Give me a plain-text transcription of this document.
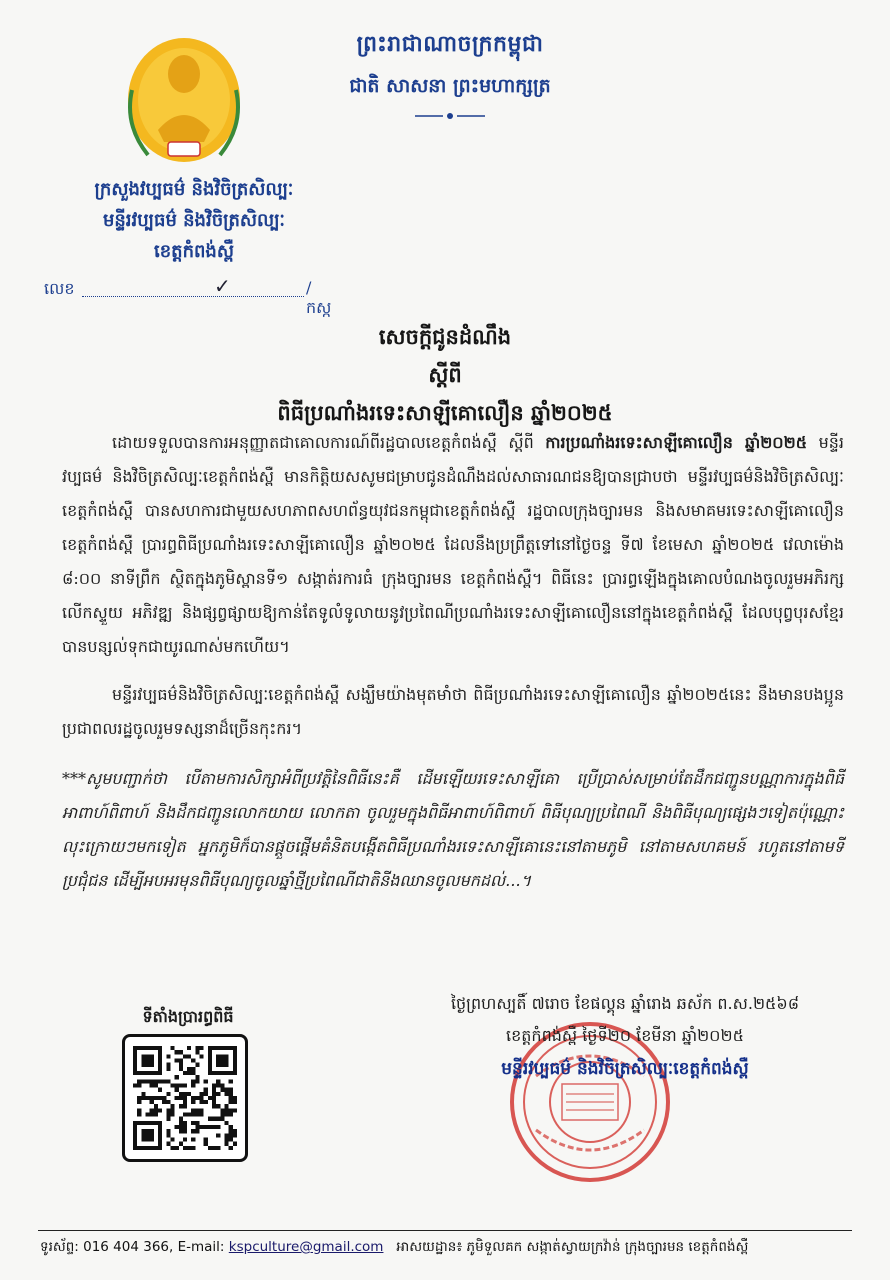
ព្រះរាជាណាចក្រកម្ពុជា
ជាតិ សាសនា ព្រះមហាក្សត្រ
ក្រសួងវប្បធម៌ និងវិចិត្រសិល្បៈ
មន្ទីរវប្បធម៌ និងវិចិត្រសិល្បៈ
ខេត្តកំពង់ស្ពឺ
លេខ	✓	/កស្ក
សេចក្តីជូនដំណឹង
ស្តីពី
ពិធីប្រណាំងរទេះសាឡីគោលឿន ឆ្នាំ២០២៥

ដោយទទួលបានការអនុញ្ញាតជាគោលការណ៍ពីរដ្ឋបាលខេត្តកំពង់ស្ពឺ ស្តីពី ការប្រណាំងរទេះសាឡីគោលឿន ឆ្នាំ២០២៥ មន្ទីរវប្បធម៌ និងវិចិត្រសិល្បៈខេត្តកំពង់ស្ពឺ មានកិត្តិយសសូមជម្រាបជូនដំណឹងដល់សាធារណជនឱ្យបានជ្រាបថា មន្ទីរវប្បធម៌និងវិចិត្រសិល្បៈខេត្តកំពង់ស្ពឺ បានសហការជាមួយសហភាពសហព័ន្ធយុវជនកម្ពុជាខេត្តកំពង់ស្ពឺ រដ្ឋបាលក្រុងច្បារមន និងសមាគមរទេះសាឡីគោលឿនខេត្តកំពង់ស្ពឺ ប្រារព្ធពិធីប្រណាំងរទេះសាឡីគោលឿន ឆ្នាំ២០២៥ ដែលនឹងប្រព្រឹត្តទៅនៅថ្ងៃចន្ទ ទី៧ ខែមេសា ឆ្នាំ២០២៥ វេលាម៉ោង ៨:០០ នាទីព្រឹក ស្ថិតក្នុងភូមិស្ពានទី១ សង្កាត់រការធំ ក្រុងច្បារមន ខេត្តកំពង់ស្ពឺ។ ពិធីនេះ ប្រារព្ធឡើងក្នុងគោលបំណងចូលរួមអភិរក្ស លើកស្ទួយ អភិវឌ្ឍ និងផ្សព្វផ្សាយឱ្យកាន់តែទូលំទូលាយនូវប្រពៃណីប្រណាំងរទេះសាឡីគោលឿននៅក្នុងខេត្តកំពង់ស្ពឺ ដែលបុព្វបុរសខ្មែរបានបន្សល់ទុកជាយូរណាស់មកហើយ។

មន្ទីរវប្បធម៌និងវិចិត្រសិល្បៈខេត្តកំពង់ស្ពឺ សង្ឃឹមយ៉ាងមុតមាំថា ពិធីប្រណាំងរទេះសាឡីគោលឿន ឆ្នាំ២០២៥នេះ នឹងមានបងប្អូនប្រជាពលរដ្ឋចូលរួមទស្សនាដ៏ច្រើនកុះករ។

***សូមបញ្ជាក់ថា បើតាមការសិក្សាអំពីប្រវត្តិនៃពិធីនេះគឺ ដើមឡើយរទេះសាឡីគោ ប្រើប្រាស់សម្រាប់តែដឹកជញ្ជូនបណ្ណាការក្នុងពិធីអាពាហ៍ពិពាហ៍ និងដឹកជញ្ជូនលោកយាយ លោកតា ចូលរួមក្នុងពិធីអាពាហ៍ពិពាហ៍ ពិធីបុណ្យប្រពៃណី និងពិធីបុណ្យផ្សេងៗទៀតប៉ុណ្ណោះ លុះក្រោយៗមកទៀត អ្នកភូមិក៏បានផ្តួចផ្តើមគំនិតបង្កើតពិធីប្រណាំងរទេះសាឡីគោនេះនៅតាមភូមិ នៅតាមសហគមន៍ រហូតនៅតាមទីប្រជុំជន ដើម្បីអបអរមុនពិធីបុណ្យចូលឆ្នាំថ្មីប្រពៃណីជាតិនីងឈានចូលមកដល់...។

ទីតាំងប្រារព្ធពិធី
ថ្ងៃព្រហស្បតិ៍ ៧រោច ខែផល្គុន ឆ្នាំរោង ឆស័ក ព.ស.២៥៦៨
ខេត្តកំពង់ស្ពឺ ថ្ងៃទី២០ ខែមីនា ឆ្នាំ២០២៥
មន្ទីរវប្បធម៌ និងវិចិត្រសិល្បៈខេត្តកំពង់ស្ពឺ
ទូរស័ព្ទ: 016 404 366, E-mail: kspculture@gmail.com អាសយដ្ឋាន៖ ភូមិទួលគក សង្កាត់ស្វាយក្រវ៉ាន់ ក្រុងច្បារមន ខេត្តកំពង់ស្ពឺ
